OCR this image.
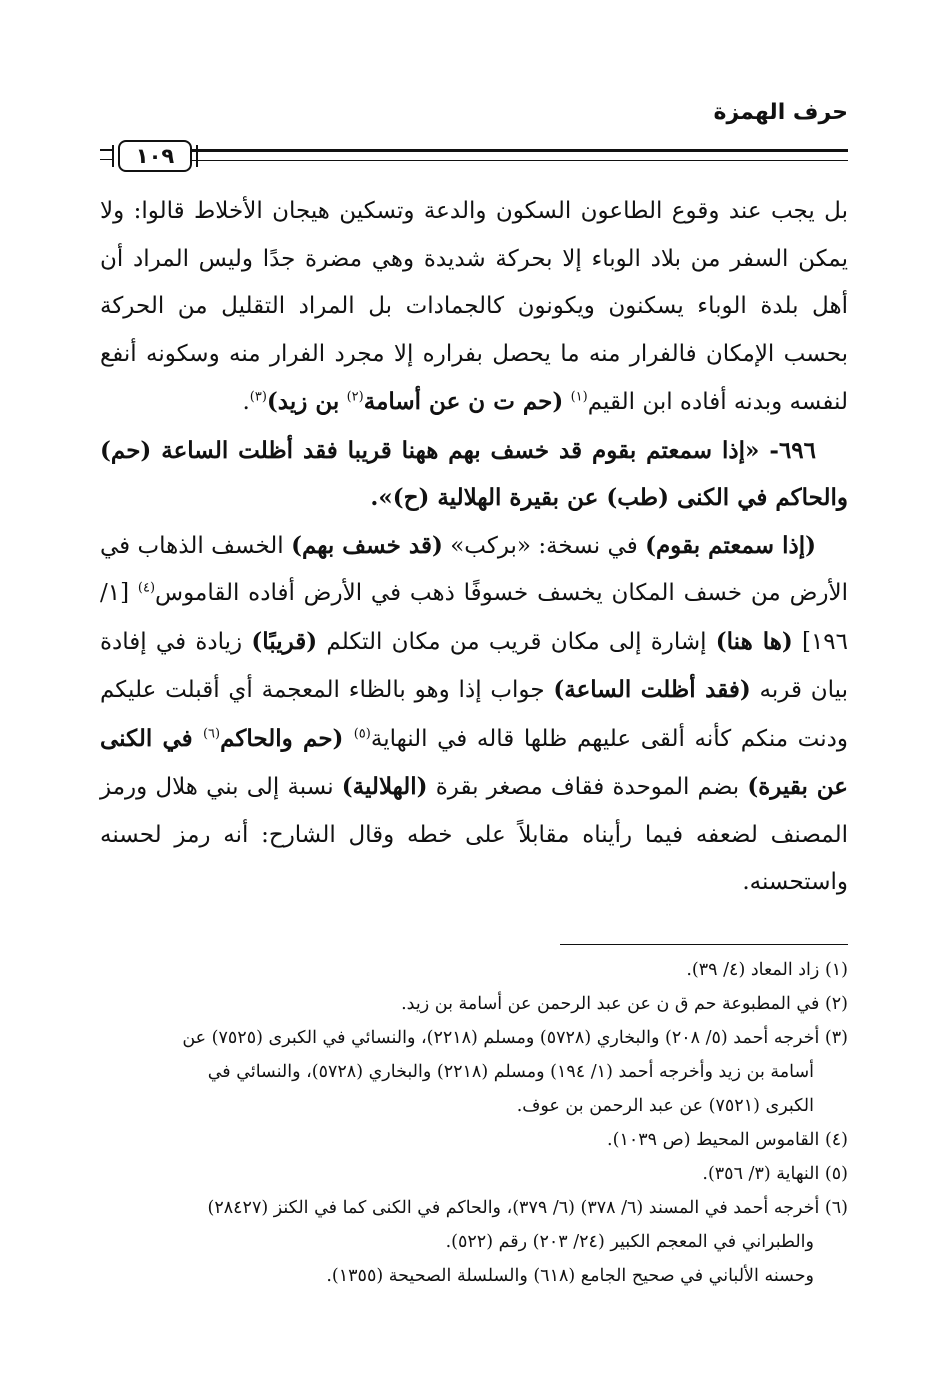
حرف الهمزة
١٠٩

بل يجب عند وقوع الطاعون السكون والدعة وتسكين هيجان الأخلاط قالوا: ولا يمكن السفر من بلاد الوباء إلا بحركة شديدة وهي مضرة جدًا وليس المراد أن أهل بلدة الوباء يسكنون ويكونون كالجمادات بل المراد التقليل من الحركة بحسب الإمكان فالفرار منه ما يحصل بفراره إلا مجرد الفرار منه وسكونه أنفع لنفسه وبدنه أفاده ابن القيم$^{(١)}$ (حم ت ن عن أسامة$^{(٢)}$ بن زيد)$^{(٣)}$.

٦٩٦- «إذا سمعتم بقوم قد خسف بهم ههنا قريبا فقد أظلت الساعة (حم) والحاكم في الكنى (طب) عن بقيرة الهلالية (ح)».

(إذا سمعتم بقوم) في نسخة: «بركب» (قد خسف بهم) الخسف الذهاب في الأرض من خسف المكان يخسف خسوفًا ذهب في الأرض أفاده القاموس$^{(٤)}$ [١/ ١٩٦] (ها هنا) إشارة إلى مكان قريب من مكان التكلم (قريبًا) زيادة في إفادة بيان قربه (فقد أظلت الساعة) جواب إذا وهو بالظاء المعجمة أي أقبلت عليكم ودنت منكم كأنه ألقى عليهم ظلها قاله في النهاية$^{(٥)}$ (حم والحاكم$^{(٦)}$ في الكنى عن بقيرة) بضم الموحدة فقاف مصغر بقرة (الهلالية) نسبة إلى بني هلال ورمز المصنف لضعفه فيما رأيناه مقابلاً على خطه وقال الشارح: أنه رمز لحسنه واستحسنه.

(١) زاد المعاد (٤/ ٣٩).

(٢) في المطبوعة حم ق ن عن عبد الرحمن عن أسامة بن زيد.

(٣) أخرجه أحمد (٥/ ٢٠٨) والبخاري (٥٧٢٨) ومسلم (٢٢١٨)، والنسائي في الكبرى (٧٥٢٥) عن

أسامة بن زيد وأخرجه أحمد (١/ ١٩٤) ومسلم (٢٢١٨) والبخاري (٥٧٢٨)، والنسائي في

الكبرى (٧٥٢١) عن عبد الرحمن بن عوف.

(٤) القاموس المحيط (ص ١٠٣٩).

(٥) النهاية (٣/ ٣٥٦).

(٦) أخرجه أحمد في المسند (٦/ ٣٧٨) (٦/ ٣٧٩)، والحاكم في الكنى كما في الكنز (٢٨٤٢٧)

والطبراني في المعجم الكبير (٢٤/ ٢٠٣) رقم (٥٢٢).

وحسنه الألباني في صحيح الجامع (٦١٨) والسلسلة الصحيحة (١٣٥٥).
